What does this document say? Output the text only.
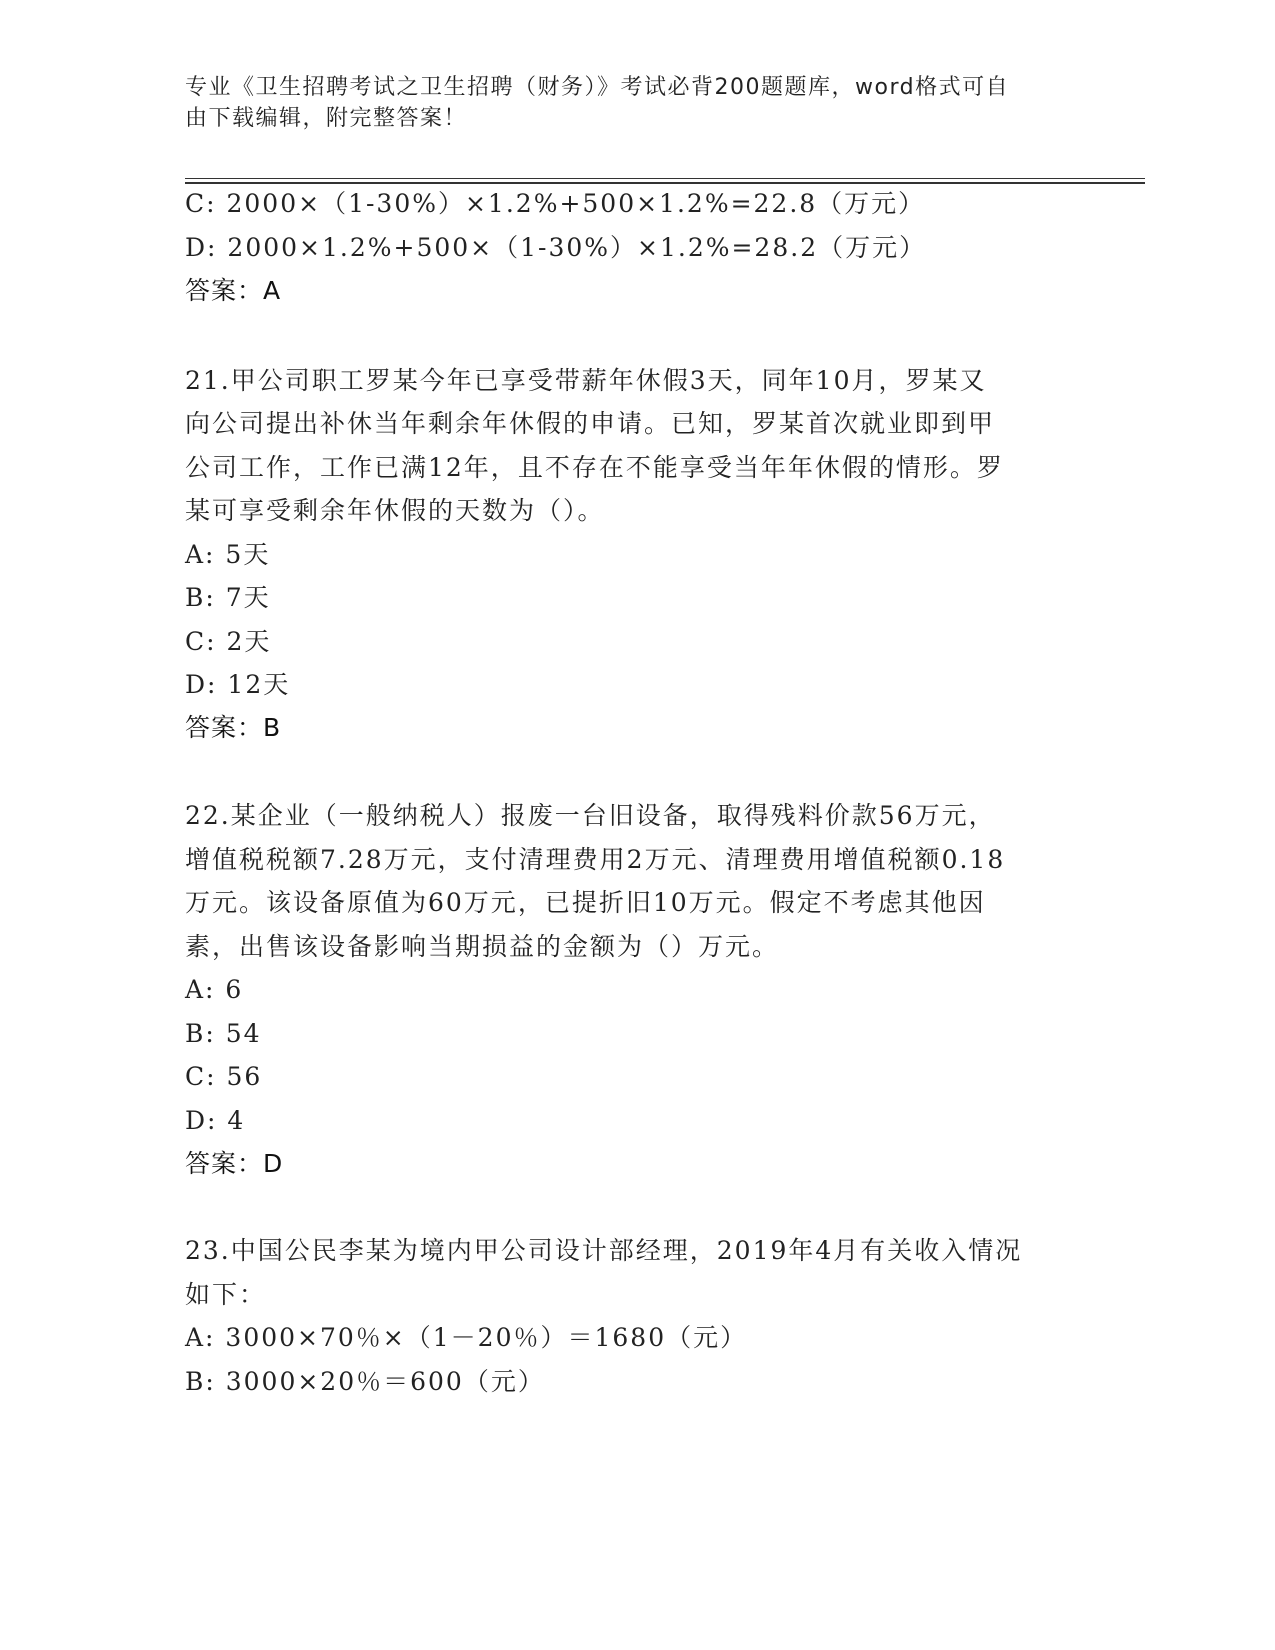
专业《卫生招聘考试之卫生招聘（财务）》考试必背200题题库，word格式可自
由下载编辑，附完整答案！
C: 2000×（1-30%）×1.2%+500×1.2%=22.8（万元）
D: 2000×1.2%+500×（1-30%）×1.2%=28.2（万元）
答案：A
21.甲公司职工罗某今年已享受带薪年休假3天，同年10月，罗某又
向公司提出补休当年剩余年休假的申请。已知，罗某首次就业即到甲
公司工作，工作已满12年，且不存在不能享受当年年休假的情形。罗
某可享受剩余年休假的天数为（）。
A: 5天
B: 7天
C: 2天
D: 12天
答案：B
22.某企业（一般纳税人）报废一台旧设备，取得残料价款56万元，
增值税税额7.28万元，支付清理费用2万元、清理费用增值税额0.18
万元。该设备原值为60万元，已提折旧10万元。假定不考虑其他因
素，出售该设备影响当期损益的金额为（）万元。
A: 6
B: 54
C: 56
D: 4
答案：D
23.中国公民李某为境内甲公司设计部经理，2019年4月有关收入情况
如下：
A: 3000×70％×（1－20％）＝1680（元）
B: 3000×20％＝600（元）
